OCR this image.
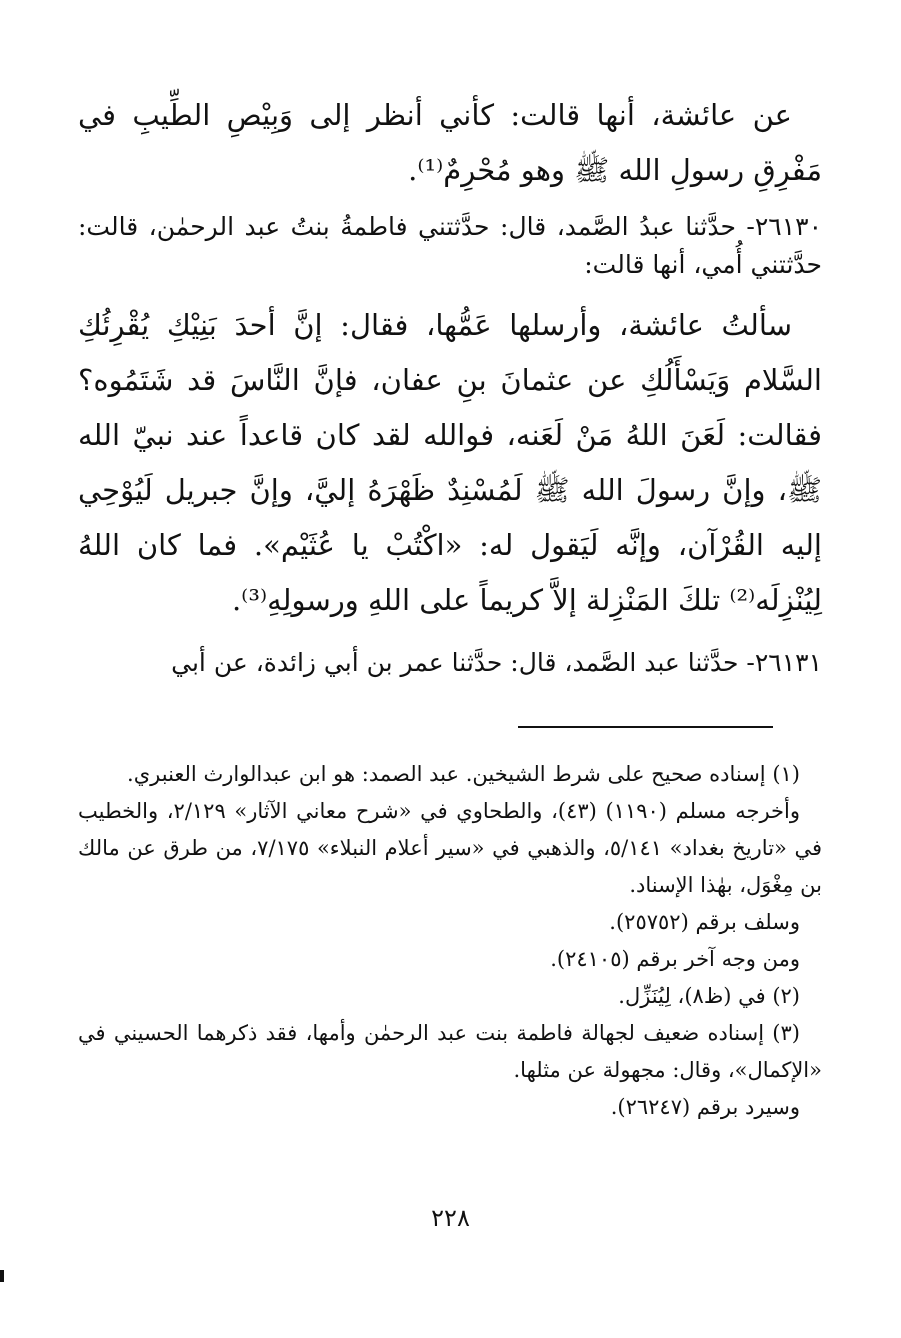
عن عائشة، أنها قالت: كأني أنظر إلى وَبِيْصِ الطِّيبِ في مَفْرِقِ رسولِ الله ﷺ وهو مُحْرِمٌ⁽¹⁾.

٢٦١٣٠- حدَّثنا عبدُ الصَّمد، قال: حدَّثتني فاطمةُ بنتُ عبد الرحمٰن، قالت: حدَّثتني أُمي، أنها قالت:

سألتُ عائشة، وأرسلها عَمُّها، فقال: إنَّ أحدَ بَنِيْكِ يُقْرِئُكِ السَّلام وَيَسْأَلُكِ عن عثمانَ بنِ عفان، فإنَّ النَّاسَ قد شَتَمُوه؟ فقالت: لَعَنَ اللهُ مَنْ لَعَنه، فوالله لقد كان قاعداً عند نبيّ الله ﷺ، وإنَّ رسولَ الله ﷺ لَمُسْنِدٌ ظَهْرَهُ إليَّ، وإنَّ جبريل لَيُوْحِي إليه القُرْآن، وإنَّه لَيَقول له: «اكْتُبْ يا عُثَيْم». فما كان اللهُ لِيُنْزِلَه⁽²⁾ تلكَ المَنْزِلة إلاَّ كريماً على اللهِ ورسولِهِ⁽³⁾.

٢٦١٣١- حدَّثنا عبد الصَّمد، قال: حدَّثنا عمر بن أبي زائدة، عن أبي

(١) إسناده صحيح على شرط الشيخين. عبد الصمد: هو ابن عبدالوارث العنبري.

وأخرجه مسلم (١١٩٠) (٤٣)، والطحاوي في «شرح معاني الآثار» ٢/١٢٩، والخطيب في «تاريخ بغداد» ٥/١٤١، والذهبي في «سير أعلام النبلاء» ٧/١٧٥، من طرق عن مالك بن مِغْوَل، بهٰذا الإسناد.

وسلف برقم (٢٥٧٥٢).

ومن وجه آخر برقم (٢٤١٠٥).

(٢) في (ظ٨)، لِيُنَزِّل.

(٣) إسناده ضعيف لجهالة فاطمة بنت عبد الرحمٰن وأمها، فقد ذكرهما الحسيني في «الإكمال»، وقال: مجهولة عن مثلها.

وسيرد برقم (٢٦٢٤٧).

٢٢٨
